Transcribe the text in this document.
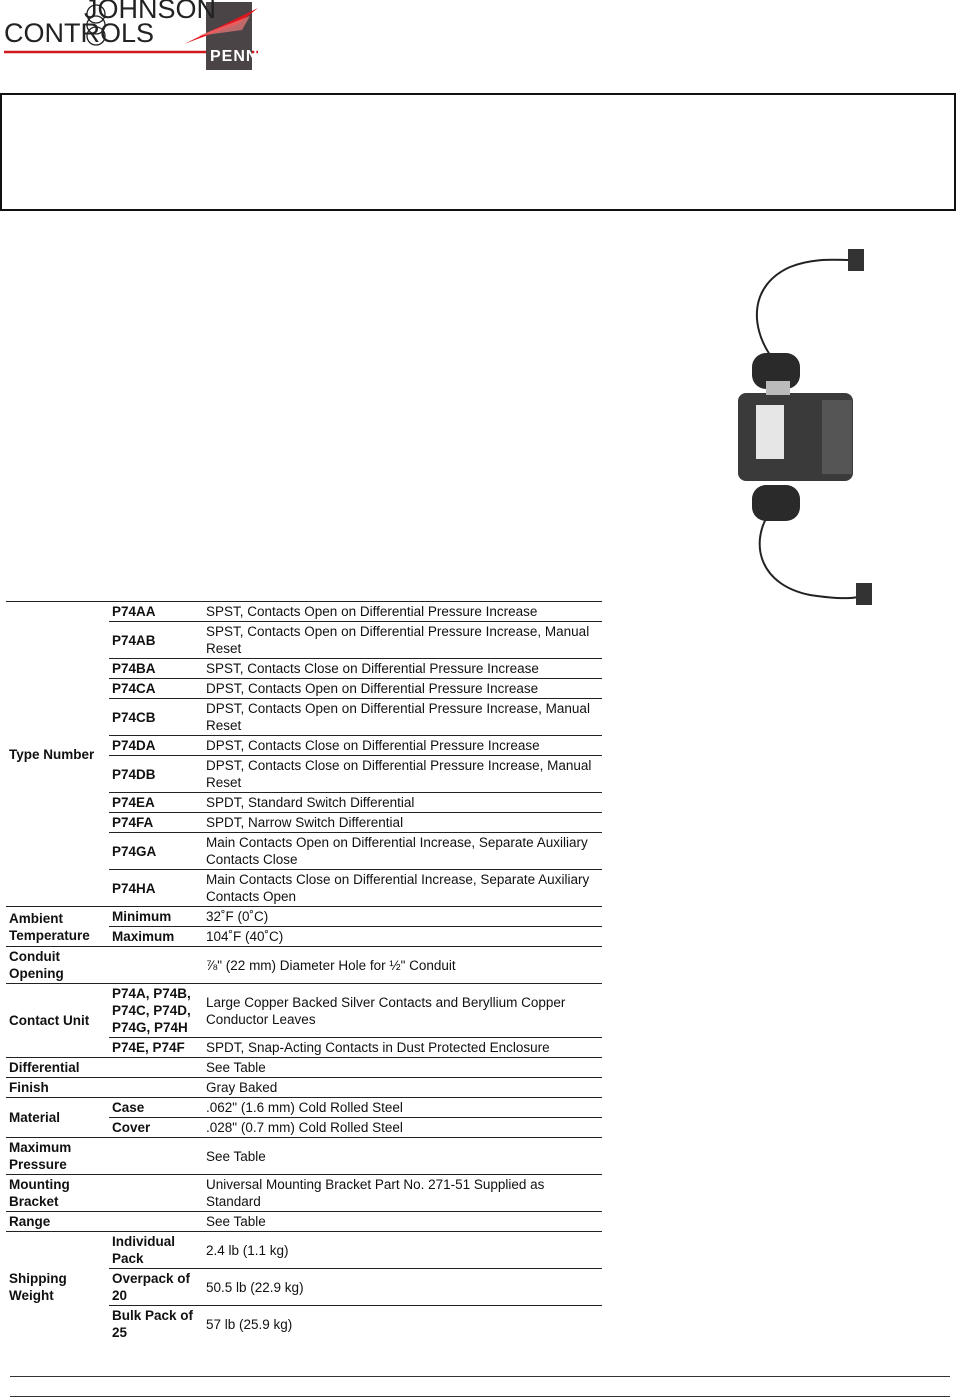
JOHNSON
CONTROLS
PENN
Type Number	P74AA	SPST, Contacts Open on Differential Pressure Increase
	P74AB	SPST, Contacts Open on Differential Pressure Increase, Manual Reset
	P74BA	SPST, Contacts Close on Differential Pressure Increase
	P74CA	DPST, Contacts Open on Differential Pressure Increase
	P74CB	DPST, Contacts Open on Differential Pressure Increase, Manual Reset
	P74DA	DPST, Contacts Close on Differential Pressure Increase
	P74DB	DPST, Contacts Close on Differential Pressure Increase, Manual Reset
	P74EA	SPDT, Standard Switch Differential
	P74FA	SPDT, Narrow Switch Differential
	P74GA	Main Contacts Open on Differential Increase, Separate Auxiliary Contacts Close
	P74HA	Main Contacts Close on Differential Increase, Separate Auxiliary Contacts Open
Ambient Temperature	Minimum	32˚F (0˚C)
	Maximum	104˚F (40˚C)
Conduit Opening		⅞" (22 mm) Diameter Hole for ½" Conduit
Contact Unit	P74A, P74B, P74C, P74D, P74G, P74H	Large Copper Backed Silver Contacts and Beryllium Copper Conductor Leaves
	P74E, P74F	SPDT, Snap-Acting Contacts in Dust Protected Enclosure
Differential		See Table
Finish		Gray Baked
Material	Case	.062" (1.6 mm) Cold Rolled Steel
	Cover	.028" (0.7 mm) Cold Rolled Steel
Maximum Pressure		See Table
Mounting Bracket		Universal Mounting Bracket Part No. 271-51 Supplied as Standard
Range		See Table
Shipping Weight	Individual Pack	2.4 lb (1.1 kg)
	Overpack of 20	50.5 lb (22.9 kg)
	Bulk Pack of 25	57 lb (25.9 kg)
